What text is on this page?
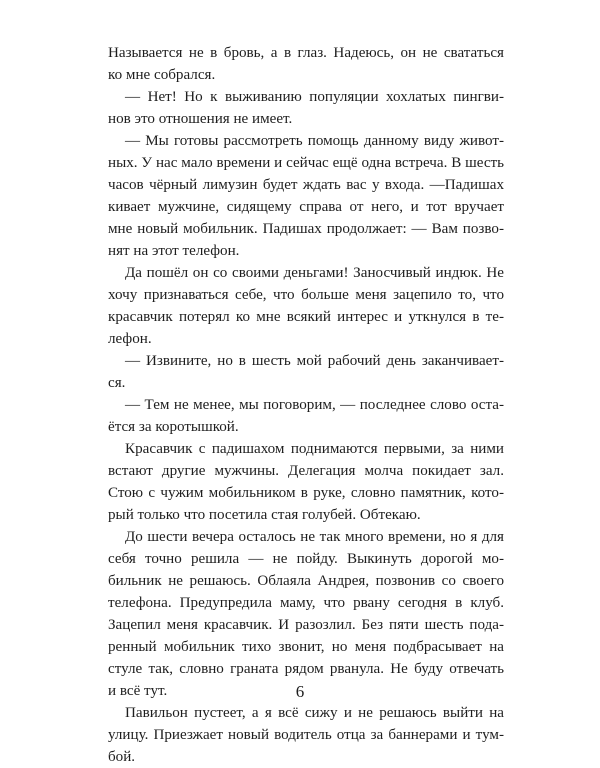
Называется не в бровь, а в глаз. Надеюсь, он не свататься
ко мне собрался.
— Нет! Но к выживанию популяции хохлатых пингви-
нов это отношения не имеет.
— Мы готовы рассмотреть помощь данному виду живот-
ных. У нас мало времени и сейчас ещё одна встреча. В шесть
часов чёрный лимузин будет ждать вас у входа. —Падишах
кивает мужчине, сидящему справа от него, и тот вручает
мне новый мобильник. Падишах продолжает: — Вам позво-
нят на этот телефон.
Да пошёл он со своими деньгами! Заносчивый индюк. Не
хочу признаваться себе, что больше меня зацепило то, что
красавчик потерял ко мне всякий интерес и уткнулся в те-
лефон.
— Извините, но в шесть мой рабочий день заканчивает-
ся.
— Тем не менее, мы поговорим, — последнее слово оста-
ётся за коротышкой.
Красавчик с падишахом поднимаются первыми, за ними
встают другие мужчины. Делегация молча покидает зал.
Стою с чужим мобильником в руке, словно памятник, кото-
рый только что посетила стая голубей. Обтекаю.
До шести вечера осталось не так много времени, но я для
себя точно решила — не пойду. Выкинуть дорогой мо-
бильник не решаюсь. Облаяла Андрея, позвонив со своего
телефона. Предупредила маму, что рвану сегодня в клуб.
Зацепил меня красавчик. И разозлил. Без пяти шесть пода-
ренный мобильник тихо звонит, но меня подбрасывает на
стуле так, словно граната рядом рванула. Не буду отвечать
и всё тут.
Павильон пустеет, а я всё сижу и не решаюсь выйти на
улицу. Приезжает новый водитель отца за баннерами и тум-
бой.
6
